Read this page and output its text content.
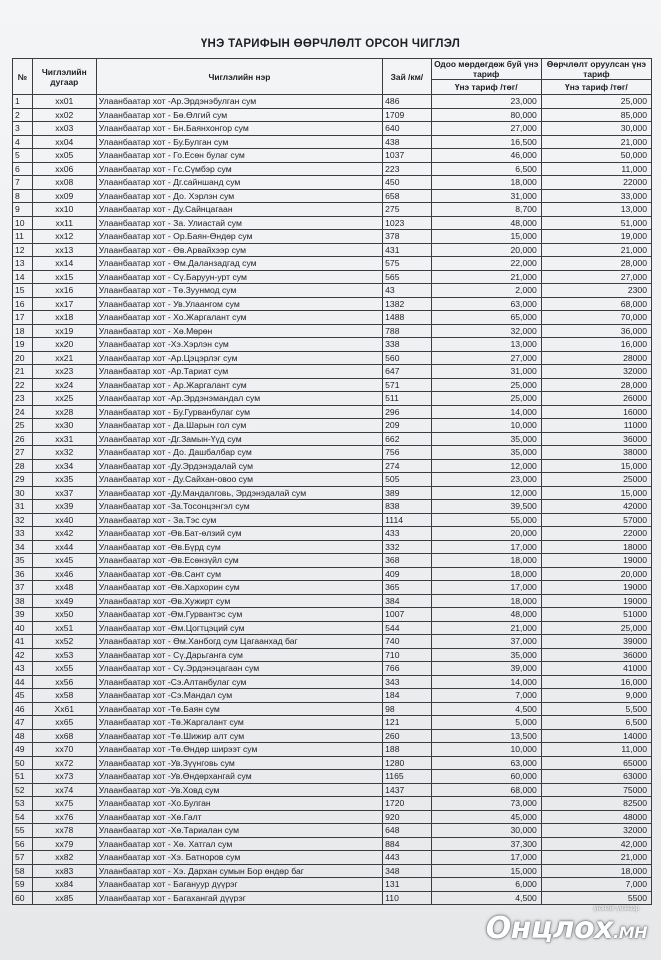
ҮНЭ ТАРИФЫН ӨӨРЧЛӨЛТ ОРСОН ЧИГЛЭЛ
№	Чиглэлийн дугаар	Чиглэлийн нэр	Зай /км/	Одоо мөрдөгдөж буй үнэ тариф	Өөрчлөлт оруулсан үнэ тариф
				Үнэ тариф /төг/	Үнэ тариф /төг/
1	xx01	Улаанбаатар хот -Ар.Эрдэнэбулган сум	486	23,000	25,000
2	xx02	Улаанбаатар хот - Бө.Өлгий сум	1709	80,000	85,000
3	xx03	Улаанбаатар хот - Бн.Баянхонгор сум	640	27,000	30,000
4	xx04	Улаанбаатар хот - Бу.Булган сум	438	16,500	21,000
5	xx05	Улаанбаатар хот - Го.Есөн булаг сум	1037	46,000	50,000
6	xx06	Улаанбаатар хот - Гс.Сүмбэр сум	223	6,500	11,000
7	xx08	Улаанбаатар хот - Дг.сайншанд сум	450	18,000	22000
8	xx09	Улаанбаатар хот - До. Хэрлэн сум	658	31,000	33,000
9	xx10	Улаанбаатар хот - Ду.Сайнцагаан	275	8,700	13,000
10	xx11	Улаанбаатар хот - За. Улиастай сум	1023	48,000	51,000
11	xx12	Улаанбаатар хот - Ор.Баян-Өндөр сум	378	15,000	19,000
12	xx13	Улаанбаатар хот - Өв.Арвайхээр сум	431	20,000	21,000
13	xx14	Улаанбаатар хот - Өм.Даланзадгад сум	575	22,000	28,000
14	xx15	Улаанбаатар хот - Сү.Баруун-урт сум	565	21,000	27,000
15	xx16	Улаанбаатар хот - Тө.Зуунмод сум	43	2,000	2300
16	xx17	Улаанбаатар хот - Ув.Улаангом сум	1382	63,000	68,000
17	xx18	Улаанбаатар хот - Хо.Жаргалант сум	1488	65,000	70,000
18	xx19	Улаанбаатар хот - Хө.Мөрөн	788	32,000	36,000
19	xx20	Улаанбаатар хот -Хэ.Хэрлэн сум	338	13,000	16,000
20	xx21	Улаанбаатар хот -Ар.Цэцэрлэг сум	560	27,000	28000
21	xx23	Улаанбаатар хот -Ар.Тариат сум	647	31,000	32000
22	xx24	Улаанбаатар хот - Ар.Жаргалант сум	571	25,000	28,000
23	xx25	Улаанбаатар хот -Ар.Эрдэнэмандал сум	511	25,000	26000
24	xx28	Улаанбаатар хот - Бу.Гурванбулаг сум	296	14,000	16000
25	xx30	Улаанбаатар хот - Да.Шарын гол сум	209	10,000	11000
26	xx31	Улаанбаатар хот -Дг.Замын-Үүд сум	662	35,000	36000
27	xx32	Улаанбаатар хот - До. Дашбалбар сум	756	35,000	38000
28	xx34	Улаанбаатар хот -Ду.Эрдэнэдалай сум	274	12,000	15,000
29	xx35	Улаанбаатар хот - Ду.Сайхан-овоо сум	505	23,000	25000
30	xx37	Улаанбаатар хот -Ду.Мандалговь, Эрдэнэдалай сум	389	12,000	15,000
31	xx39	Улаанбаатар хот -За.Тосонцэнгэл сум	838	39,500	42000
32	xx40	Улаанбаатар хот - За.Тэс сум	1114	55,000	57000
33	xx42	Улаанбаатар хот -Өв.Бат-өлзий сум	433	20,000	22000
34	xx44	Улаанбаатар хот -Өв.Бүрд сум	332	17,000	18000
35	xx45	Улаанбаатар хот -Өв.Есөнзүйл сум	368	18,000	19000
36	xx46	Улаанбаатар хот -Өв.Сант сум	409	18,000	20,000
37	xx48	Улаанбаатар хот -Өв.Хархорин сум	365	17,000	19000
38	xx49	Улаанбаатар хот -Өв.Хужирт сум	384	18,000	19000
39	xx50	Улаанбаатар хот -Өм.Гурвантэс сум	1007	48,000	51000
40	xx51	Улаанбаатар хот -Өм.Цогтцэций сум	544	21,000	25,000
41	xx52	Улаанбаатар хот - Өм.Ханбогд сум Цагаанхад баг	740	37,000	39000
42	xx53	Улаанбаатар хот - Сү.Дарьганга сум	710	35,000	36000
43	xx55	Улаанбаатар хот - Сү.Эрдэнэцагаан сум	766	39,000	41000
44	xx56	Улаанбаатар хот -Сэ.Алтанбулаг сум	343	14,000	16,000
45	xx58	Улаанбаатар хот -Сэ.Мандал сум	184	7,000	9,000
46	Xx61	Улаанбаатар хот -Тө.Баян сум	98	4,500	5,500
47	xx65	Улаанбаатар хот -Тө.Жаргалант сум	121	5,000	6,500
48	xx68	Улаанбаатар хот -Тө.Шижир алт сум	260	13,500	14000
49	xx70	Улаанбаатар хот -Тө.Өндөр ширээт сум	188	10,000	11,000
50	xx72	Улаанбаатар хот -Ув.Зүүнговь сум	1280	63,000	65000
51	xx73	Улаанбаатар хот -Ув.Өндөрхангай сум	1165	60,000	63000
52	xx74	Улаанбаатар хот -Ув.Ховд сум	1437	68,000	75000
53	xx75	Улаанбаатар хот -Хо.Булган	1720	73,000	82500
54	xx76	Улаанбаатар хот -Хө.Галт	920	45,000	48000
55	xx78	Улаанбаатар хот -Хө.Тариалан сум	648	30,000	32000
56	xx79	Улаанбаатар хот - Хө. Хатгал сум	884	37,300	42,000
57	xx82	Улаанбаатар хот -Хэ. Батноров сум	443	17,000	21,000
58	xx83	Улаанбаатар хот - Хэ. Дархан сумын Бор өндөр баг	348	15,000	18,000
59	xx84	Улаанбаатар хот - Багануур дүүрэг	131	6,000	7,000
60	xx85	Улаанбаатар хот - Багахангай дүүрэг	110	4,500	5500
үнэнийг үнэнээр
Онцлох.МН
